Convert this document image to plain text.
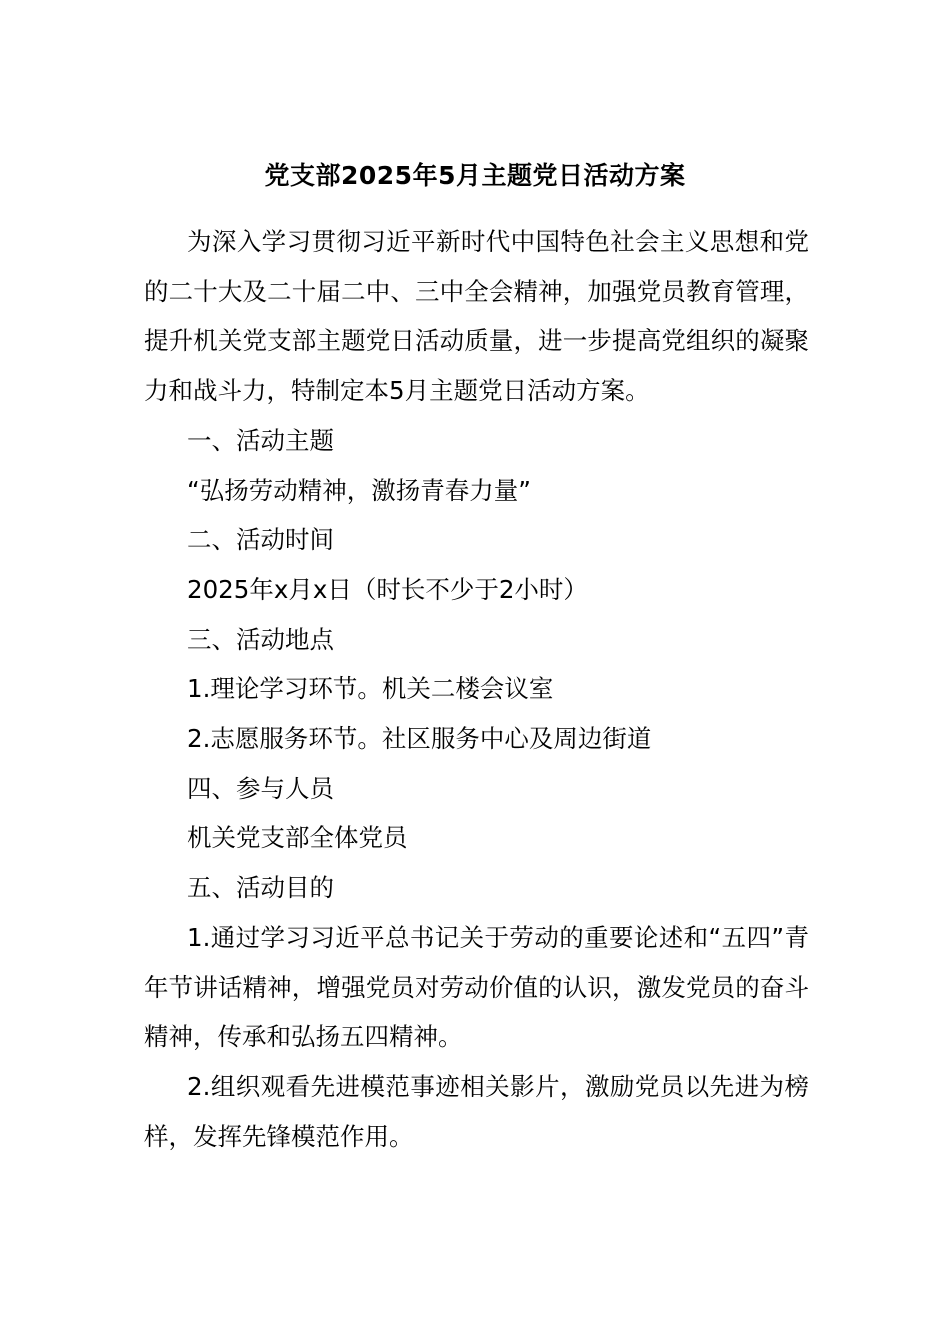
党支部2025年5月主题党日活动方案

为深入学习贯彻习近平新时代中国特色社会主义思想和党的二十大及二十届二中、三中全会精神，加强党员教育管理，提升机关党支部主题党日活动质量，进一步提高党组织的凝聚力和战斗力，特制定本5月主题党日活动方案。

一、活动主题

“弘扬劳动精神，激扬青春力量”

二、活动时间

2025年x月x日（时长不少于2小时）

三、活动地点

1.理论学习环节。机关二楼会议室

2.志愿服务环节。社区服务中心及周边街道

四、参与人员

机关党支部全体党员

五、活动目的

1.通过学习习近平总书记关于劳动的重要论述和“五四”青年节讲话精神，增强党员对劳动价值的认识，激发党员的奋斗精神，传承和弘扬五四精神。

2.组织观看先进模范事迹相关影片，激励党员以先进为榜样，发挥先锋模范作用。
